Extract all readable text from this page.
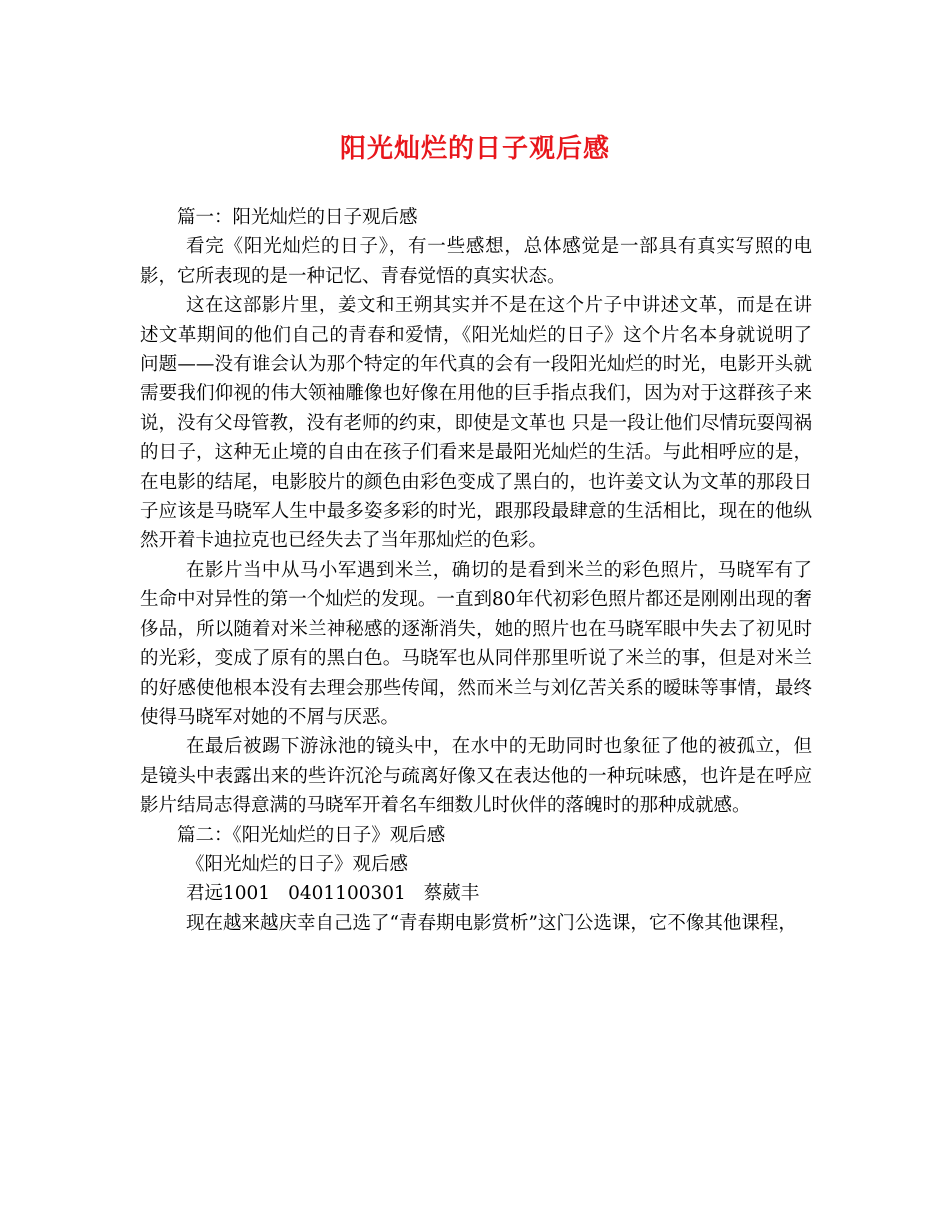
阳光灿烂的日子观后感

篇一：阳光灿烂的日子观后感

看完《阳光灿烂的日子》，有一些感想，总体感觉是一部具有真实写照的电影，它所表现的是一种记忆、青春觉悟的真实状态。

这在这部影片里，姜文和王朔其实并不是在这个片子中讲述文革，而是在讲述文革期间的他们自己的青春和爱情，《阳光灿烂的日子》这个片名本身就说明了问题——没有谁会认为那个特定的年代真的会有一段阳光灿烂的时光，电影开头就需要我们仰视的伟大领袖雕像也好像在用他的巨手指点我们，因为对于这群孩子来说，没有父母管教，没有老师的约束，即使是文革也 只是一段让他们尽情玩耍闯祸的日子，这种无止境的自由在孩子们看来是最阳光灿烂的生活。与此相呼应的是，在电影的结尾，电影胶片的颜色由彩色变成了黑白的，也许姜文认为文革的那段日子应该是马晓军人生中最多姿多彩的时光，跟那段最肆意的生活相比，现在的他纵然开着卡迪拉克也已经失去了当年那灿烂的色彩。

在影片当中从马小军遇到米兰，确切的是看到米兰的彩色照片，马晓军有了生命中对异性的第一个灿烂的发现。一直到80年代初彩色照片都还是刚刚出现的奢侈品，所以随着对米兰神秘感的逐渐消失，她的照片也在马晓军眼中失去了初见时的光彩，变成了原有的黑白色。马晓军也从同伴那里听说了米兰的事，但是对米兰的好感使他根本没有去理会那些传闻，然而米兰与刘亿苦关系的暧昧等事情，最终使得马晓军对她的不屑与厌恶。

在最后被踢下游泳池的镜头中，在水中的无助同时也象征了他的被孤立，但是镜头中表露出来的些许沉沦与疏离好像又在表达他的一种玩味感，也许是在呼应影片结局志得意满的马晓军开着名车细数儿时伙伴的落魄时的那种成就感。

篇二：《阳光灿烂的日子》观后感

《阳光灿烂的日子》观后感

君远1001 0401100301 蔡葳丰

现在越来越庆幸自己选了“青春期电影赏析”这门公选课，它不像其他课程，
